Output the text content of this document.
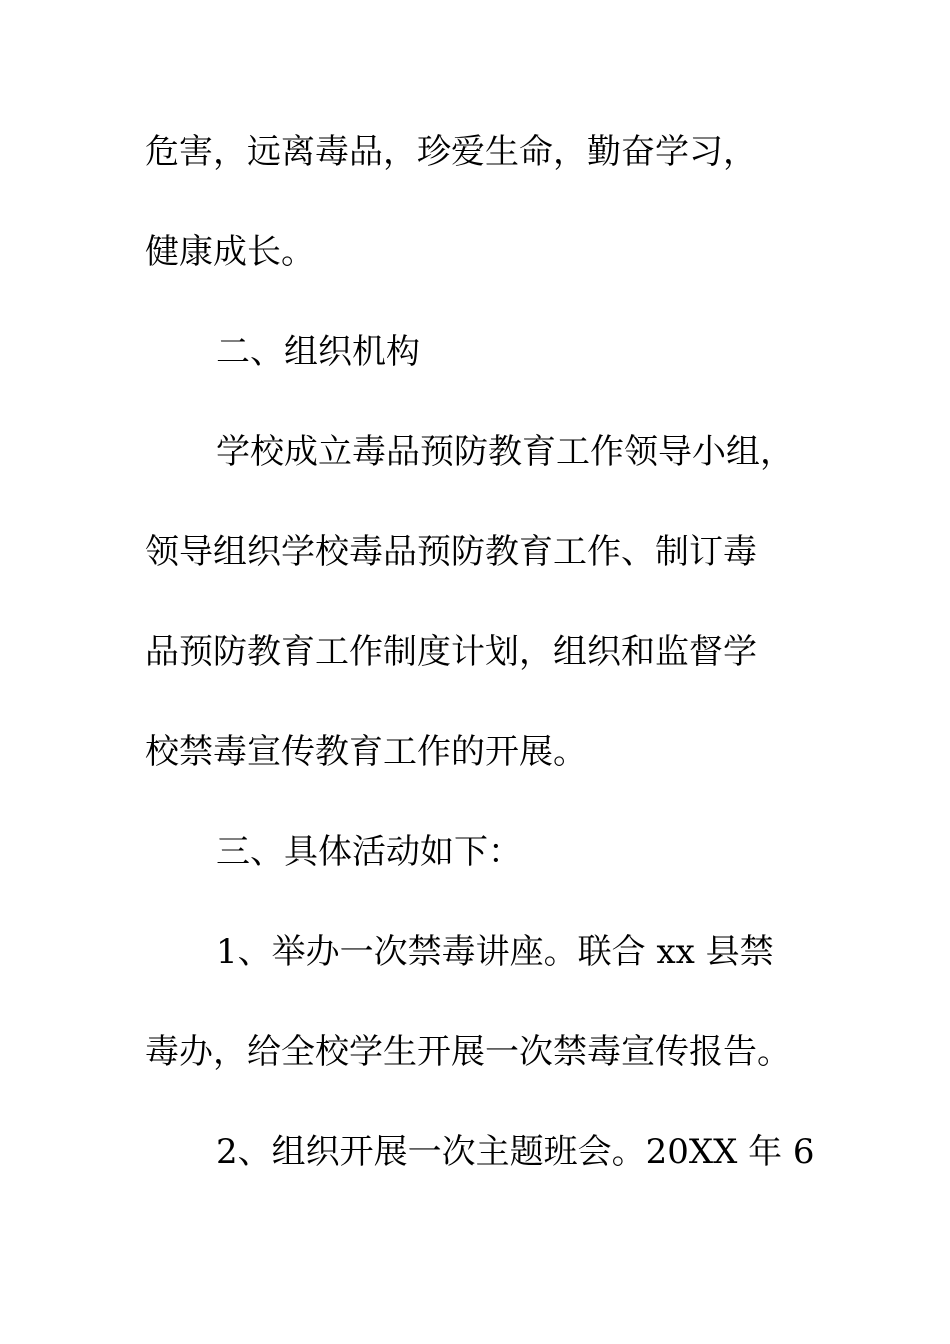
危害，远离毒品，珍爱生命，勤奋学习，
健康成长。
二、组织机构
学校成立毒品预防教育工作领导小组，
领导组织学校毒品预防教育工作、制订毒
品预防教育工作制度计划，组织和监督学
校禁毒宣传教育工作的开展。
三、具体活动如下：
1、举办一次禁毒讲座。联合 xx 县禁
毒办，给全校学生开展一次禁毒宣传报告。
2、组织开展一次主题班会。20XX 年 6
